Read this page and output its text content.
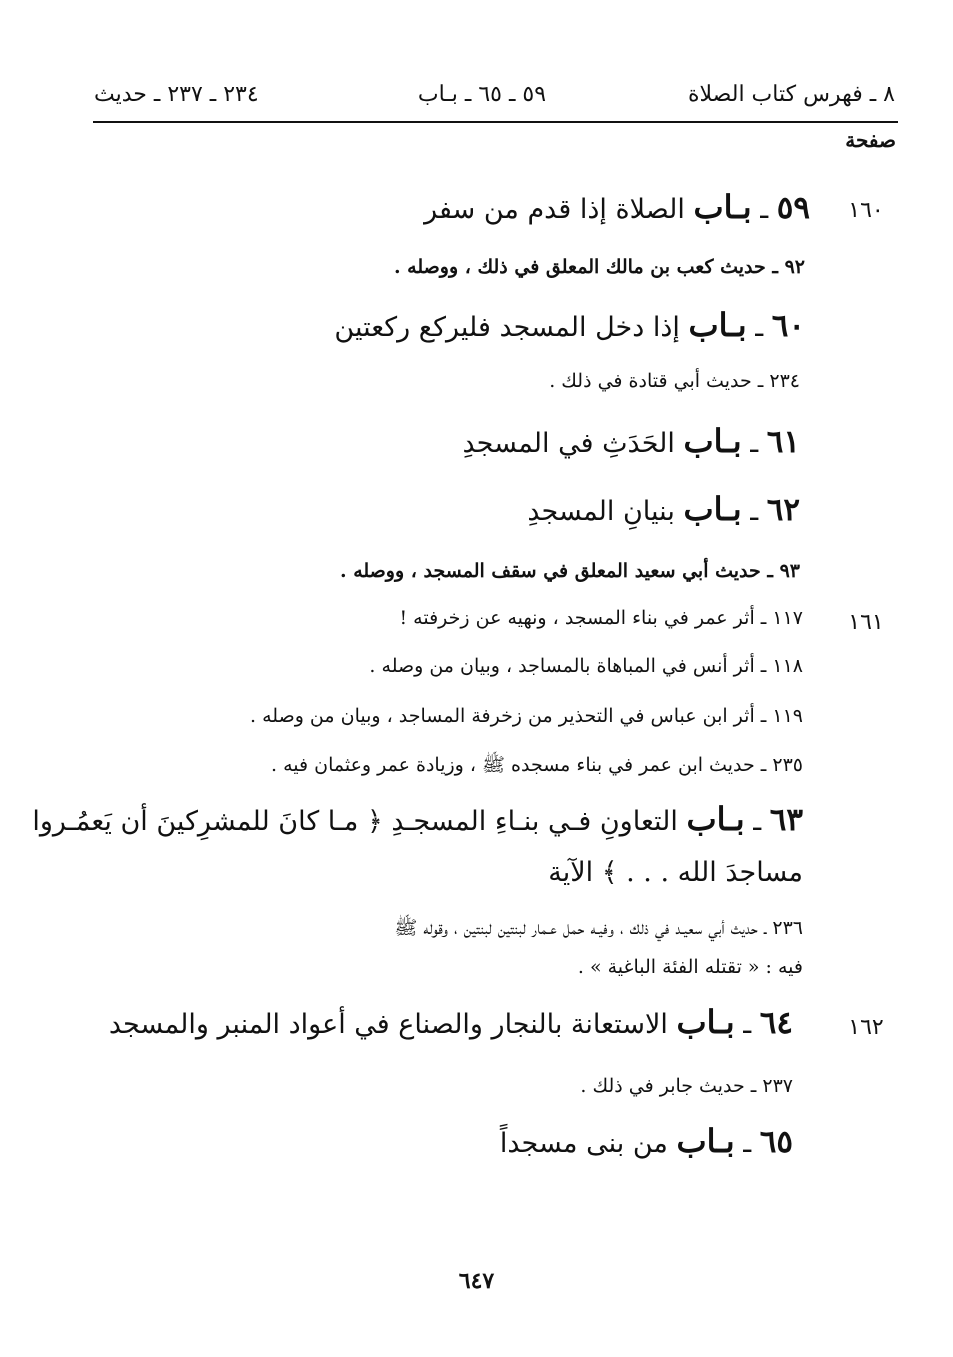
٨ ـ فهرس كتاب الصلاة
٥٩ ـ ٦٥ ـ بـاب
٢٣٤ ـ ٢٣٧ ـ حديث
صفحة
١٦٠
١٦١
١٦٢
٥٩ ـ بـاب الصلاة إذا قدم من سفر
٩٢ ـ حديث كعب بن مالك المعلق في ذلك ، ووصله .
٦٠ ـ بـاب إذا دخل المسجد فليركع ركعتين
٢٣٤ ـ حديث أبي قتادة في ذلك .
٦١ ـ بـاب الحَدَثِ في المسجدِ
٦٢ ـ بـاب بنيانِ المسجدِ
٩٣ ـ حديث أبي سعيد المعلق في سقف المسجد ، ووصله .
١١٧ ـ أثر عمر في بناء المسجد ، ونهيه عن زخرفته !
١١٨ ـ أثر أنس في المباهاة بالمساجد ، وبيان من وصله .
١١٩ ـ أثر ابن عباس في التحذير من زخرفة المساجد ، وبيان من وصله .
٢٣٥ ـ حديث ابن عمر في بناء مسجده ﷺ ، وزيادة عمر وعثمان فيه .
٦٣ ـ بـاب التعاونِ فـي بنـاءِ المسجـدِ ﴿ مـا كانَ للمشرِكينَ أن يَعمُـروا
مساجدَ الله . . . ﴾ الآية
٢٣٦ ـ حديث أبي سعيـد في ذلك ، وفيـه حمل عـمار لبنتين لبنتين ، وقوله ﷺ
فيه : « تقتله الفئة الباغية » .
٦٤ ـ بـاب الاستعانة بالنجار والصناع في أعواد المنبر والمسجد
٢٣٧ ـ حديث جابر في ذلك .
٦٥ ـ بـاب من بنى مسجداً
٦٤٧
